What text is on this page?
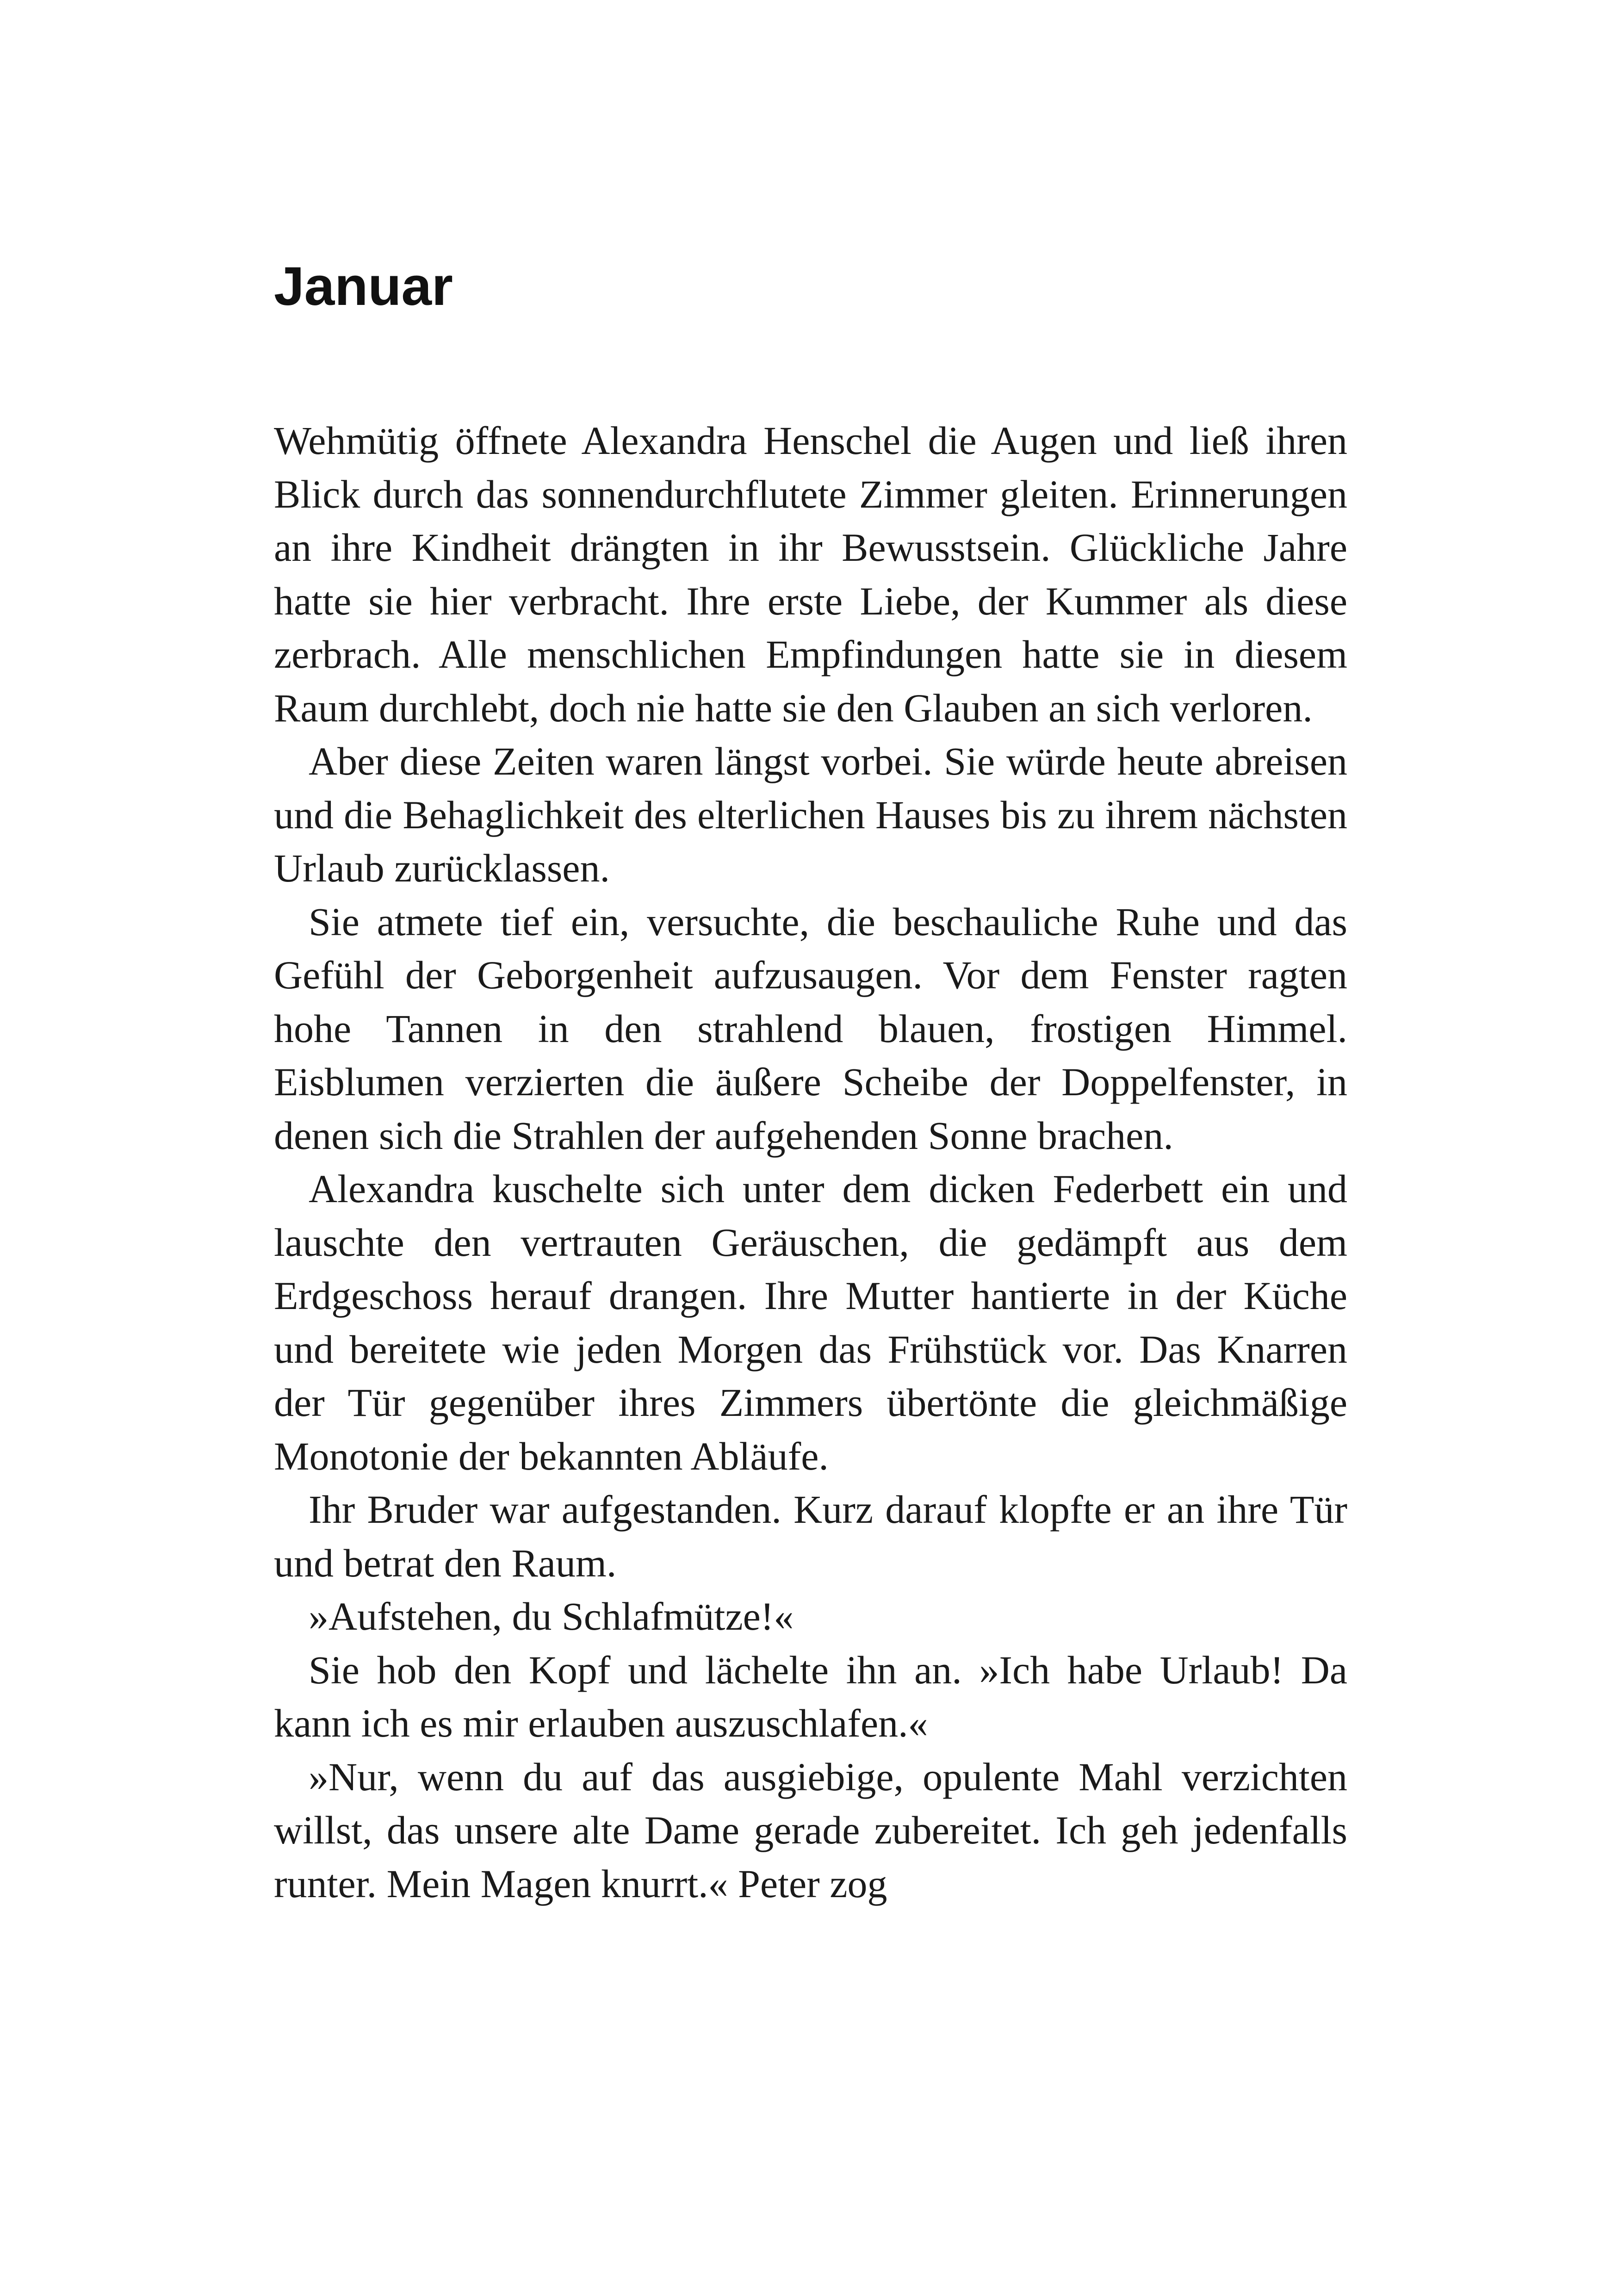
Januar

Wehmütig öffnete Alexandra Henschel die Augen und ließ ihren Blick durch das sonnendurchflutete Zimmer gleiten. Erinnerungen an ihre Kindheit drängten in ihr Bewusstsein. Glückliche Jahre hatte sie hier verbracht. Ihre erste Liebe, der Kummer als diese zerbrach. Alle menschlichen Empfindungen hatte sie in diesem Raum durchlebt, doch nie hatte sie den Glauben an sich verloren.

Aber diese Zeiten waren längst vorbei. Sie würde heute abreisen und die Behaglichkeit des elterlichen Hauses bis zu ihrem nächsten Urlaub zurücklassen.

Sie atmete tief ein, versuchte, die beschauliche Ruhe und das Gefühl der Geborgenheit aufzusaugen. Vor dem Fenster ragten hohe Tannen in den strahlend blauen, frostigen Himmel. Eisblumen verzierten die äußere Scheibe der Doppelfenster, in denen sich die Strahlen der aufgehenden Sonne brachen.

Alexandra kuschelte sich unter dem dicken Federbett ein und lauschte den vertrauten Geräuschen, die gedämpft aus dem Erdgeschoss herauf drangen. Ihre Mutter hantierte in der Küche und bereitete wie jeden Morgen das Frühstück vor. Das Knarren der Tür gegenüber ihres Zimmers übertönte die gleichmäßige Monotonie der bekannten Abläufe.

Ihr Bruder war aufgestanden. Kurz darauf klopfte er an ihre Tür und betrat den Raum.

»Aufstehen, du Schlafmütze!«

Sie hob den Kopf und lächelte ihn an. »Ich habe Urlaub! Da kann ich es mir erlauben auszuschlafen.«

»Nur, wenn du auf das ausgiebige, opulente Mahl verzichten willst, das unsere alte Dame gerade zubereitet. Ich geh jedenfalls runter. Mein Magen knurrt.« Peter zog
